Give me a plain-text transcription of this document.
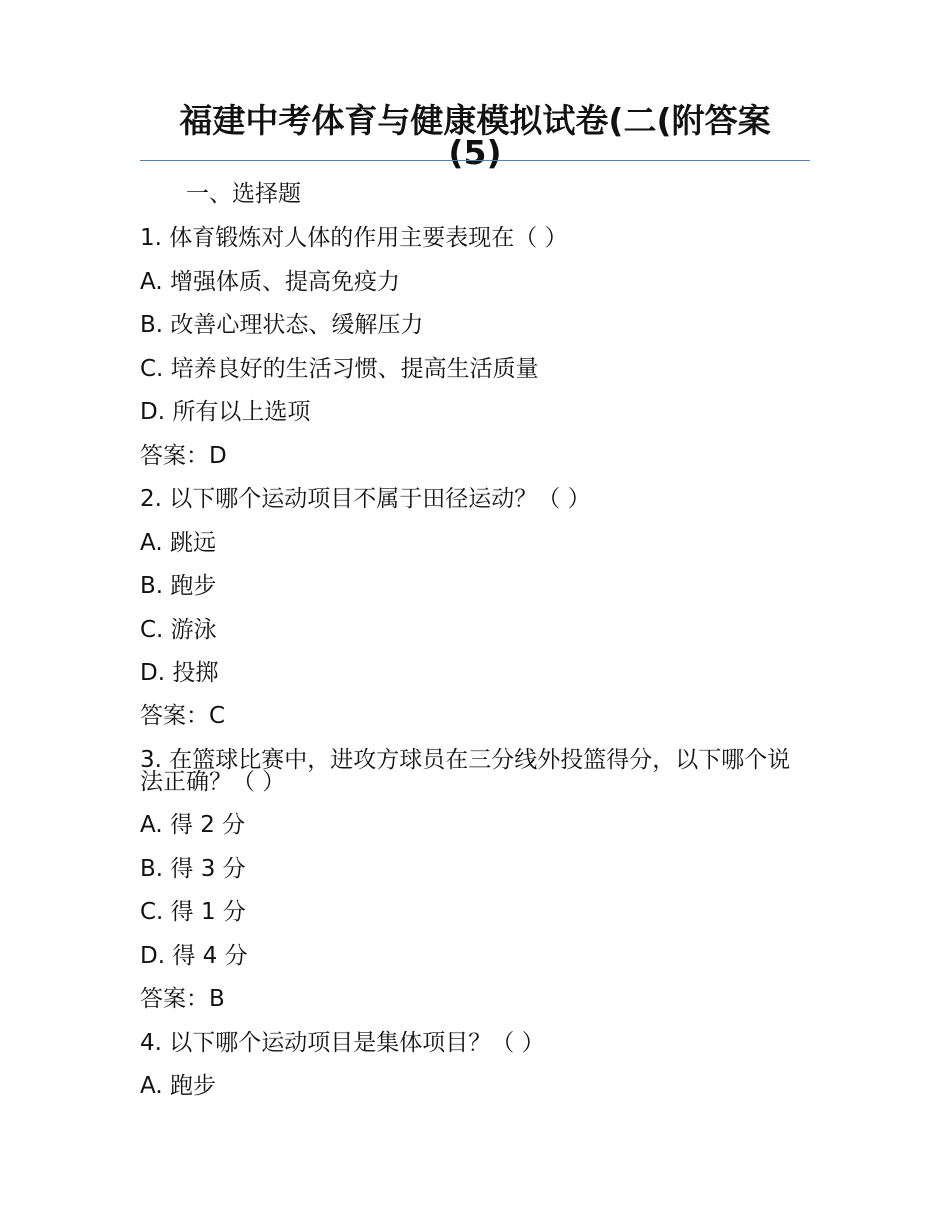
福建中考体育与健康模拟试卷(二(附答案
(5)
一、选择题
1. 体育锻炼对人体的作用主要表现在（ ）
A. 增强体质、提高免疫力
B. 改善心理状态、缓解压力
C. 培养良好的生活习惯、提高生活质量
D. 所有以上选项
答案：D
2. 以下哪个运动项目不属于田径运动？（ ）
A. 跳远
B. 跑步
C. 游泳
D. 投掷
答案：C
3. 在篮球比赛中，进攻方球员在三分线外投篮得分，以下哪个说法正确？（ ）
A. 得 2 分
B. 得 3 分
C. 得 1 分
D. 得 4 分
答案：B
4. 以下哪个运动项目是集体项目？（ ）
A. 跑步
